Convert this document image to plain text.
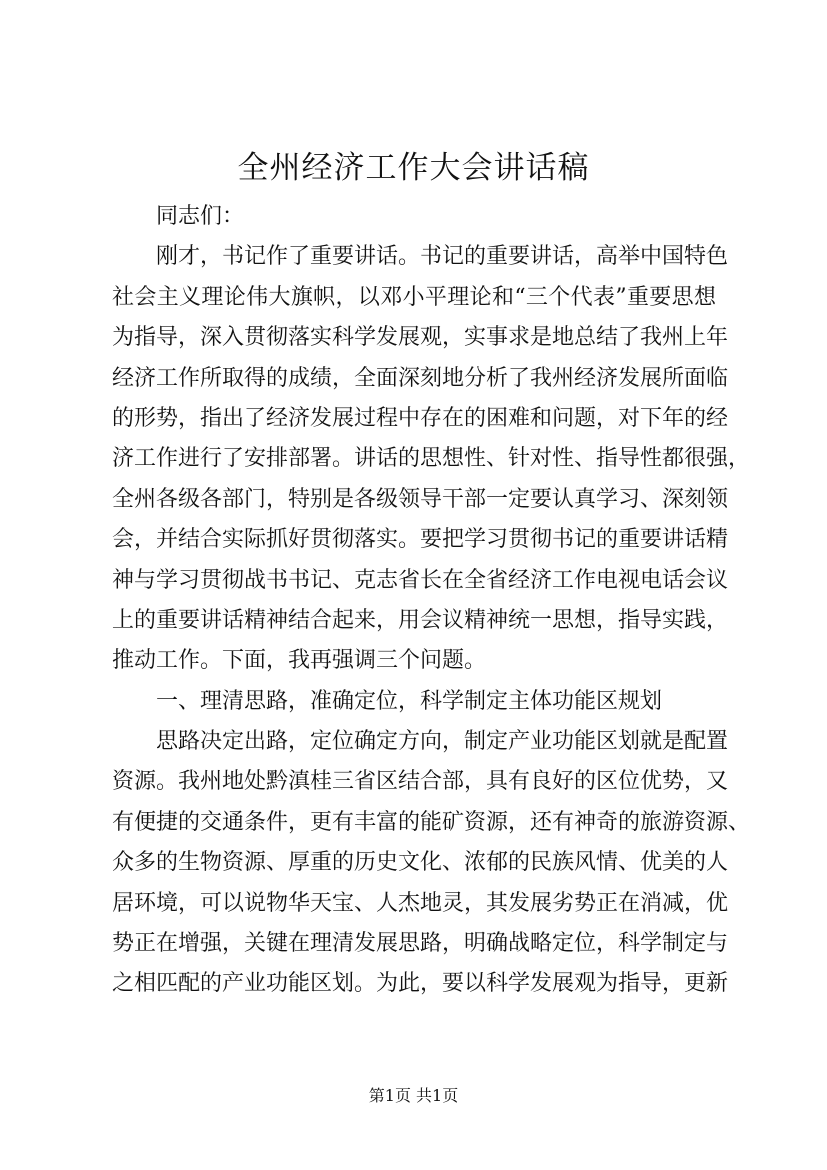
全州经济工作大会讲话稿
同志们：
刚才，书记作了重要讲话。书记的重要讲话，高举中国特色
社会主义理论伟大旗帜，以邓小平理论和“三个代表”重要思想
为指导，深入贯彻落实科学发展观，实事求是地总结了我州上年
经济工作所取得的成绩，全面深刻地分析了我州经济发展所面临
的形势，指出了经济发展过程中存在的困难和问题，对下年的经
济工作进行了安排部署。讲话的思想性、针对性、指导性都很强，
全州各级各部门，特别是各级领导干部一定要认真学习、深刻领
会，并结合实际抓好贯彻落实。要把学习贯彻书记的重要讲话精
神与学习贯彻战书书记、克志省长在全省经济工作电视电话会议
上的重要讲话精神结合起来，用会议精神统一思想，指导实践，
推动工作。下面，我再强调三个问题。
一、理清思路，准确定位，科学制定主体功能区规划
思路决定出路，定位确定方向，制定产业功能区划就是配置
资源。我州地处黔滇桂三省区结合部，具有良好的区位优势，又
有便捷的交通条件，更有丰富的能矿资源，还有神奇的旅游资源、
众多的生物资源、厚重的历史文化、浓郁的民族风情、优美的人
居环境，可以说物华天宝、人杰地灵，其发展劣势正在消减，优
势正在增强，关键在理清发展思路，明确战略定位，科学制定与
之相匹配的产业功能区划。为此，要以科学发展观为指导，更新
第1页 共1页
